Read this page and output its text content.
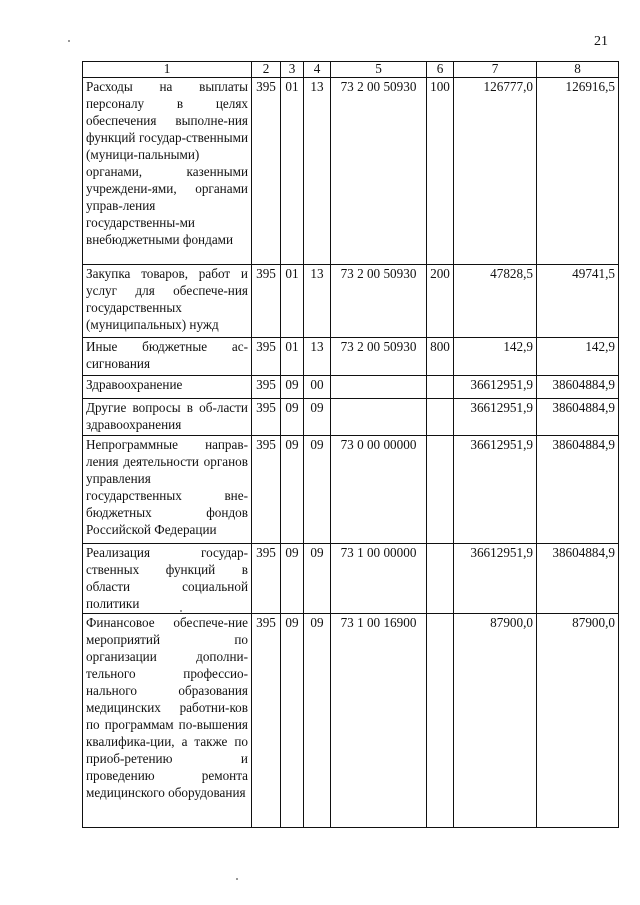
21
1	2	3	4	5	6	7	8
Расходы на выплаты персоналу в целях обеспечения выполне-ния функций государ-ственными (муници-пальными) органами, казенными учреждени-ями, органами управ-ления государственны-ми внебюджетными фондами	395	01	13	73 2 00 50930	100	126777,0	126916,5
Закупка товаров, работ и услуг для обеспече-ния государственных (муниципальных) нужд	395	01	13	73 2 00 50930	200	47828,5	49741,5
Иные бюджетные ас-сигнования	395	01	13	73 2 00 50930	800	142,9	142,9
Здравоохранение	395	09	00			36612951,9	38604884,9
Другие вопросы в об-ласти здравоохранения	395	09	09			36612951,9	38604884,9
Непрограммные направ-ления деятельности органов управления государственных вне-бюджетных фондов Российской Федерации	395	09	09	73 0 00 00000		36612951,9	38604884,9
Реализация государ-ственных функций в области социальной политики	395	09	09	73 1 00 00000		36612951,9	38604884,9
Финансовое обеспече-ние мероприятий по организации дополни-тельного профессио-нального образования медицинских работни-ков по программам по-вышения квалифика-ции, а также по приоб-ретению и проведению ремонта медицинского оборудования	395	09	09	73 1 00 16900		87900,0	87900,0
